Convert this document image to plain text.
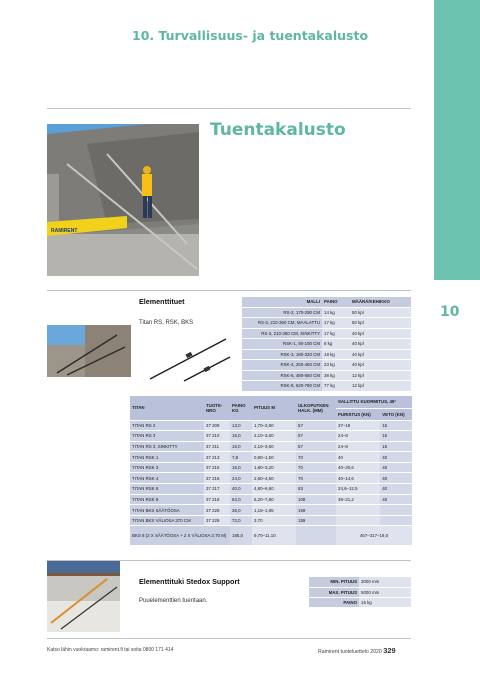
10. Turvallisuus- ja tuentakalusto
10
Tuentakalusto
RAMIRENT
Elementtituet
Titan RS, RSK, BKS
MALLI	PAINO	MÄÄRÄ/KEHIKKO
RS-2, 170-290 CM	14 kg	50 kpl
RS-3, 210-360 CM, MAALATTU	17 kg	50 kpl
RS-3, 210-360 CM, SINKITTY	17 kg	40 kpl
RSK-1, 90-150 CM	8 kg	40 kpl
RSK-3, 180-320 CM	18 kg	40 kpl
RSK-4, 260-460 CM	23 kg	40 kpl
RSK-6, 480-660 CM	38 kg	12 kpl
RSK-8, 620-780 CM	77 kg	12 kpl
TITAN	TUOTE-NRO	PAINO KG	PITUUS M	ULKOPUTKEN HALK. (MM)	SALLITTU KUORMITUS, 45°	
					PURISTUS (KN)	VETO (KN)
TITAN RS 2	37 209	13,0	1,70–2,90	57	37–18	15
TITAN RS 3	37 210	16,0	2,10–3,60	57	24–8	15
TITAN RS 3, SINKITTY	37 211	16,0	2,10–3,60	57	24–8	15
TITAN RSK 1	37 213	7,8	0,90–1,50	70	40	40
TITAN RSK 3	37 215	16,0	1,80–3,20	70	40–20,6	40
TITAN RSK 4	37 216	24,0	2,60–4,60	70	40–14,6	40
TITAN RSK 6	37 217	40,0	4,80–6,60	83	24,6–12,5	40
TITAN RSK 8	37 218	84,0	6,20–7,80	108	38–21,2	40
TITAN BKS SÄÄTÖOSA	37 228	36,0	1,15–1,85	159		
TITAN BKS VÄLIOSA 370 CM	37 229	72,0	3,70	159		
BKS 8 (2 X SÄÄTÖOSA + 2 X VÄLIOSA 3,70 M)		185,0	9,70–11,10		467–317–19,0	
Elementtituki Stedox Support
Puuelementtien tuentaan.
MIN. PITUUS	3000 mm
MAX. PITUUS	5000 mm
PAINO	15 kg
Katso lähin vuokraamo: ramirent.fi tai soita 0800 171 414	Ramirent tuoteluettelo 2020 329
